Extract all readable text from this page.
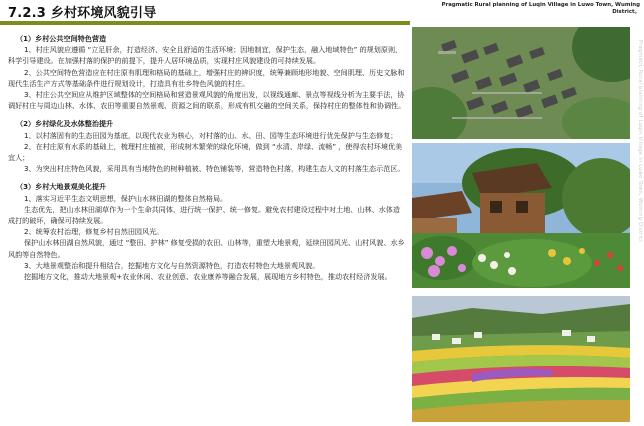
7.2.3 乡村环境风貌引导
Pragmatic Rural planning of Luqin Village in Luwo Town, Wuming District。

（1）乡村公共空间特色营造

1、村庄风貌应遵循 “立足肝余，打造经济、安全且舒适的生活环境；因地制宜，保护生态，融入地域特色” 的规划原则，科学引导建设。在加强村落的保护的前提下，提升人居环境品质，实现村庄风貌建设的可持续发展。

2、公共空间特色营造应在村庄原有肌理和格局的基础上，增强村庄的辨识度，统筹兼顾地形地貌、空间肌理、历史文脉和现代生活生产方式等基础条件进行规划设计，打造具有壮乡特色风貌的村庄。

3、村庄公共空间应从维护区域整体的空间格局和营造景观风貌的角度出发，以视线通廊、景点等视线分析为主要手法，协调好村庄与周边山林、水体、农田等重要自然景观、资源之间的联系，形成有机交融的空间关系，保持村庄的整体性和协调性。

（2）乡村绿化及水体整治提升

1、以村落固有的生态田园为基底，以现代农业为核心，对村落的山、水、田、园等生态环境进行优先保护与生态修复；

2、在村庄原有水系的基础上，梳理村庄植被，形成树木繁荣的绿化环境，做到 “水清、岸绿、流畅” ，使得农村环境优美宜人；

3、为突出村庄特色风貌，采用具有当地特色的树种植被、特色铺装等，营造特色村落，构建生态人文的村落生态示范区。

（3）乡村大地景观美化提升

1、落实习近平生态文明思想，保护山水林田湖的整体自然格局。

生态优先，把山水林田湖草作为一个生命共同体，进行统一保护、统一修复。避免农村建设过程中对土地、山林、水体造成打的破坏，确保可持续发展。

2、统筹农村治理，修复乡村自然田园风光。

保护山水林田湖自然风貌，通过 “整田、护林” 修复受损的农田、山林等，重塑大地景观，延续田园风光、山村风貌、水乡风韵等自然特色。

3、大地景观整治和提升相结合，挖掘地方文化与自然资源特色，打造农村特色大地景观风貌。

挖掘地方文化，推动大地景观+农业休闲、农业创意、农业康养等融合发展，展现地方乡村特色，推动农村经济发展。

Pragmatic Rural planning of Luqin Village in Luwo Town, Wuming District
